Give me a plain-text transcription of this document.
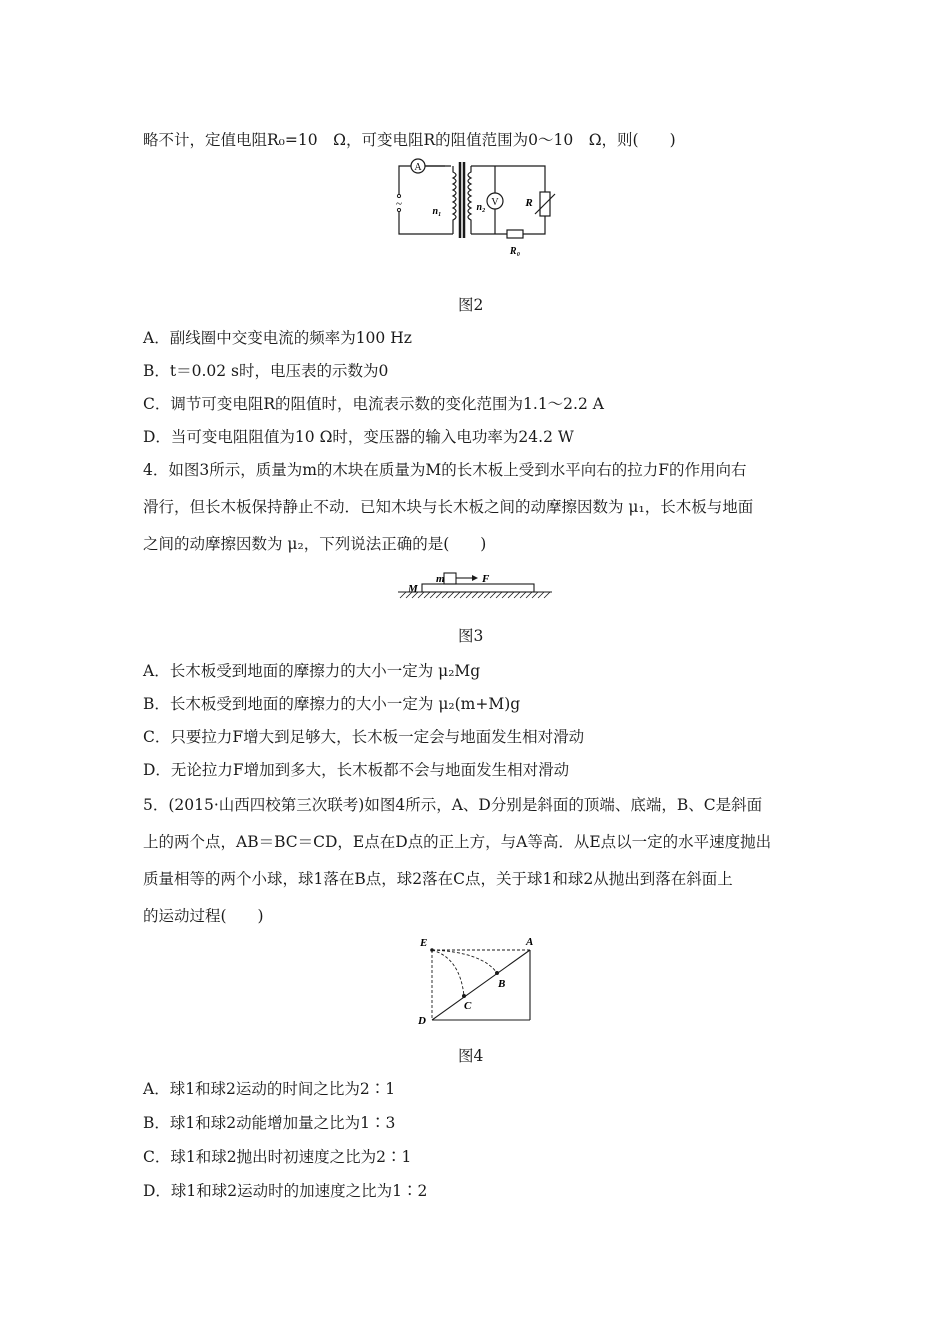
略不计，定值电阻R₀=10　Ω，可变电阻R的阻值范围为0～10　Ω，则(　　)
A
V
~
n₁	n₂	R
R₀
图2
A．副线圈中交变电流的频率为100 Hz
B．t＝0.02 s时，电压表的示数为0
C．调节可变电阻R的阻值时，电流表示数的变化范围为1.1～2.2 A
D．当可变电阻阻值为10 Ω时，变压器的输入电功率为24.2 W
4．如图3所示，质量为m的木块在质量为M的长木板上受到水平向右的拉力F的作用向右
滑行，但长木板保持静止不动．已知木块与长木板之间的动摩擦因数为 μ₁，长木板与地面
之间的动摩擦因数为 μ₂，下列说法正确的是(　　)
m
M
F
图3
A．长木板受到地面的摩擦力的大小一定为 μ₂Mg
B．长木板受到地面的摩擦力的大小一定为 μ₂(m+M)g
C．只要拉力F增大到足够大，长木板一定会与地面发生相对滑动
D．无论拉力F增加到多大，长木板都不会与地面发生相对滑动
5．(2015·山西四校第三次联考)如图4所示，A、D分别是斜面的顶端、底端，B、C是斜面
上的两个点，AB＝BC＝CD，E点在D点的正上方，与A等高．从E点以一定的水平速度抛出
质量相等的两个小球，球1落在B点，球2落在C点，关于球1和球2从抛出到落在斜面上
的运动过程(　　)
E	A
B
C
D
图4
A．球1和球2运动的时间之比为2∶1
B．球1和球2动能增加量之比为1∶3
C．球1和球2抛出时初速度之比为2∶1
D．球1和球2运动时的加速度之比为1∶2
